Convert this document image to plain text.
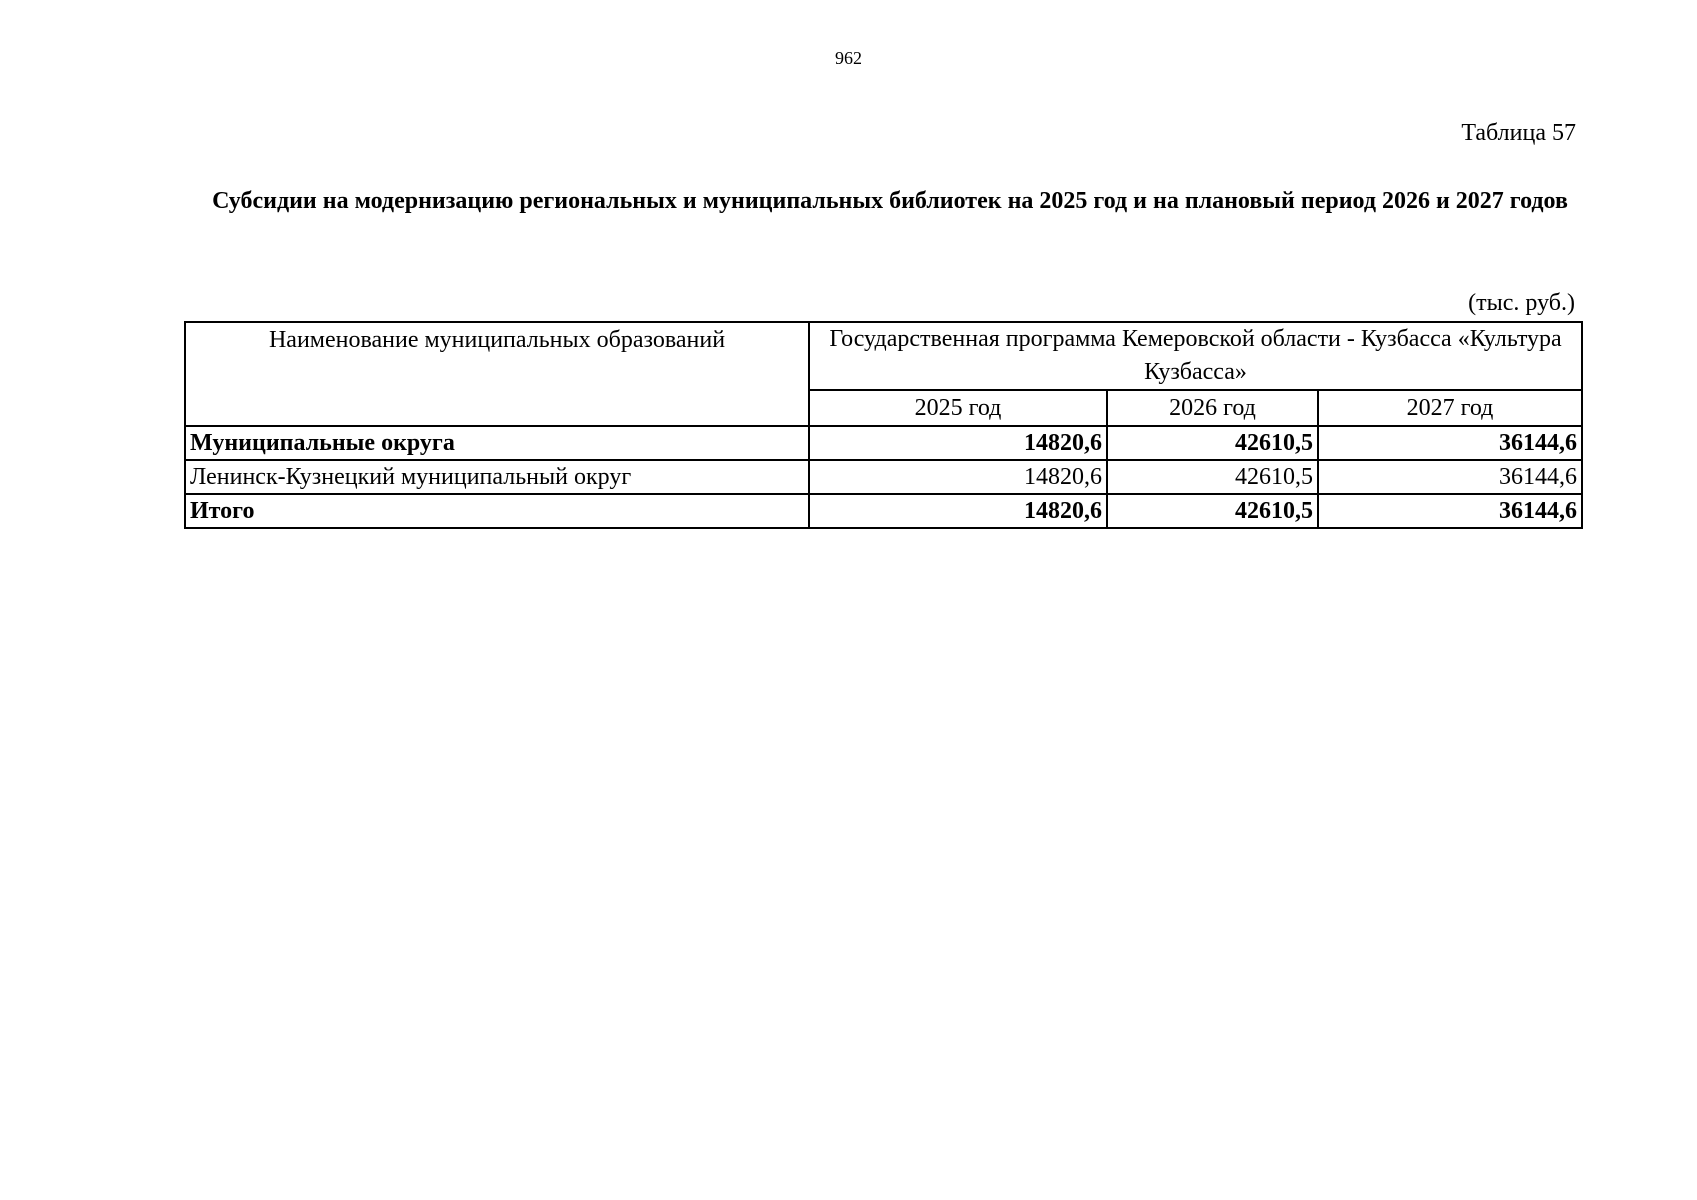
962
Таблица 57
Субсидии на модернизацию региональных и муниципальных библиотек на 2025 год и на плановый период 2026 и 2027 годов
(тыс. руб.)
Наименование муниципальных образований	Государственная программа Кемеровской области - Кузбасса «Культура Кузбасса»		
	2025 год	2026 год	2027 год
Муниципальные округа	14820,6	42610,5	36144,6
Ленинск-Кузнецкий муниципальный округ	14820,6	42610,5	36144,6
Итого	14820,6	42610,5	36144,6
